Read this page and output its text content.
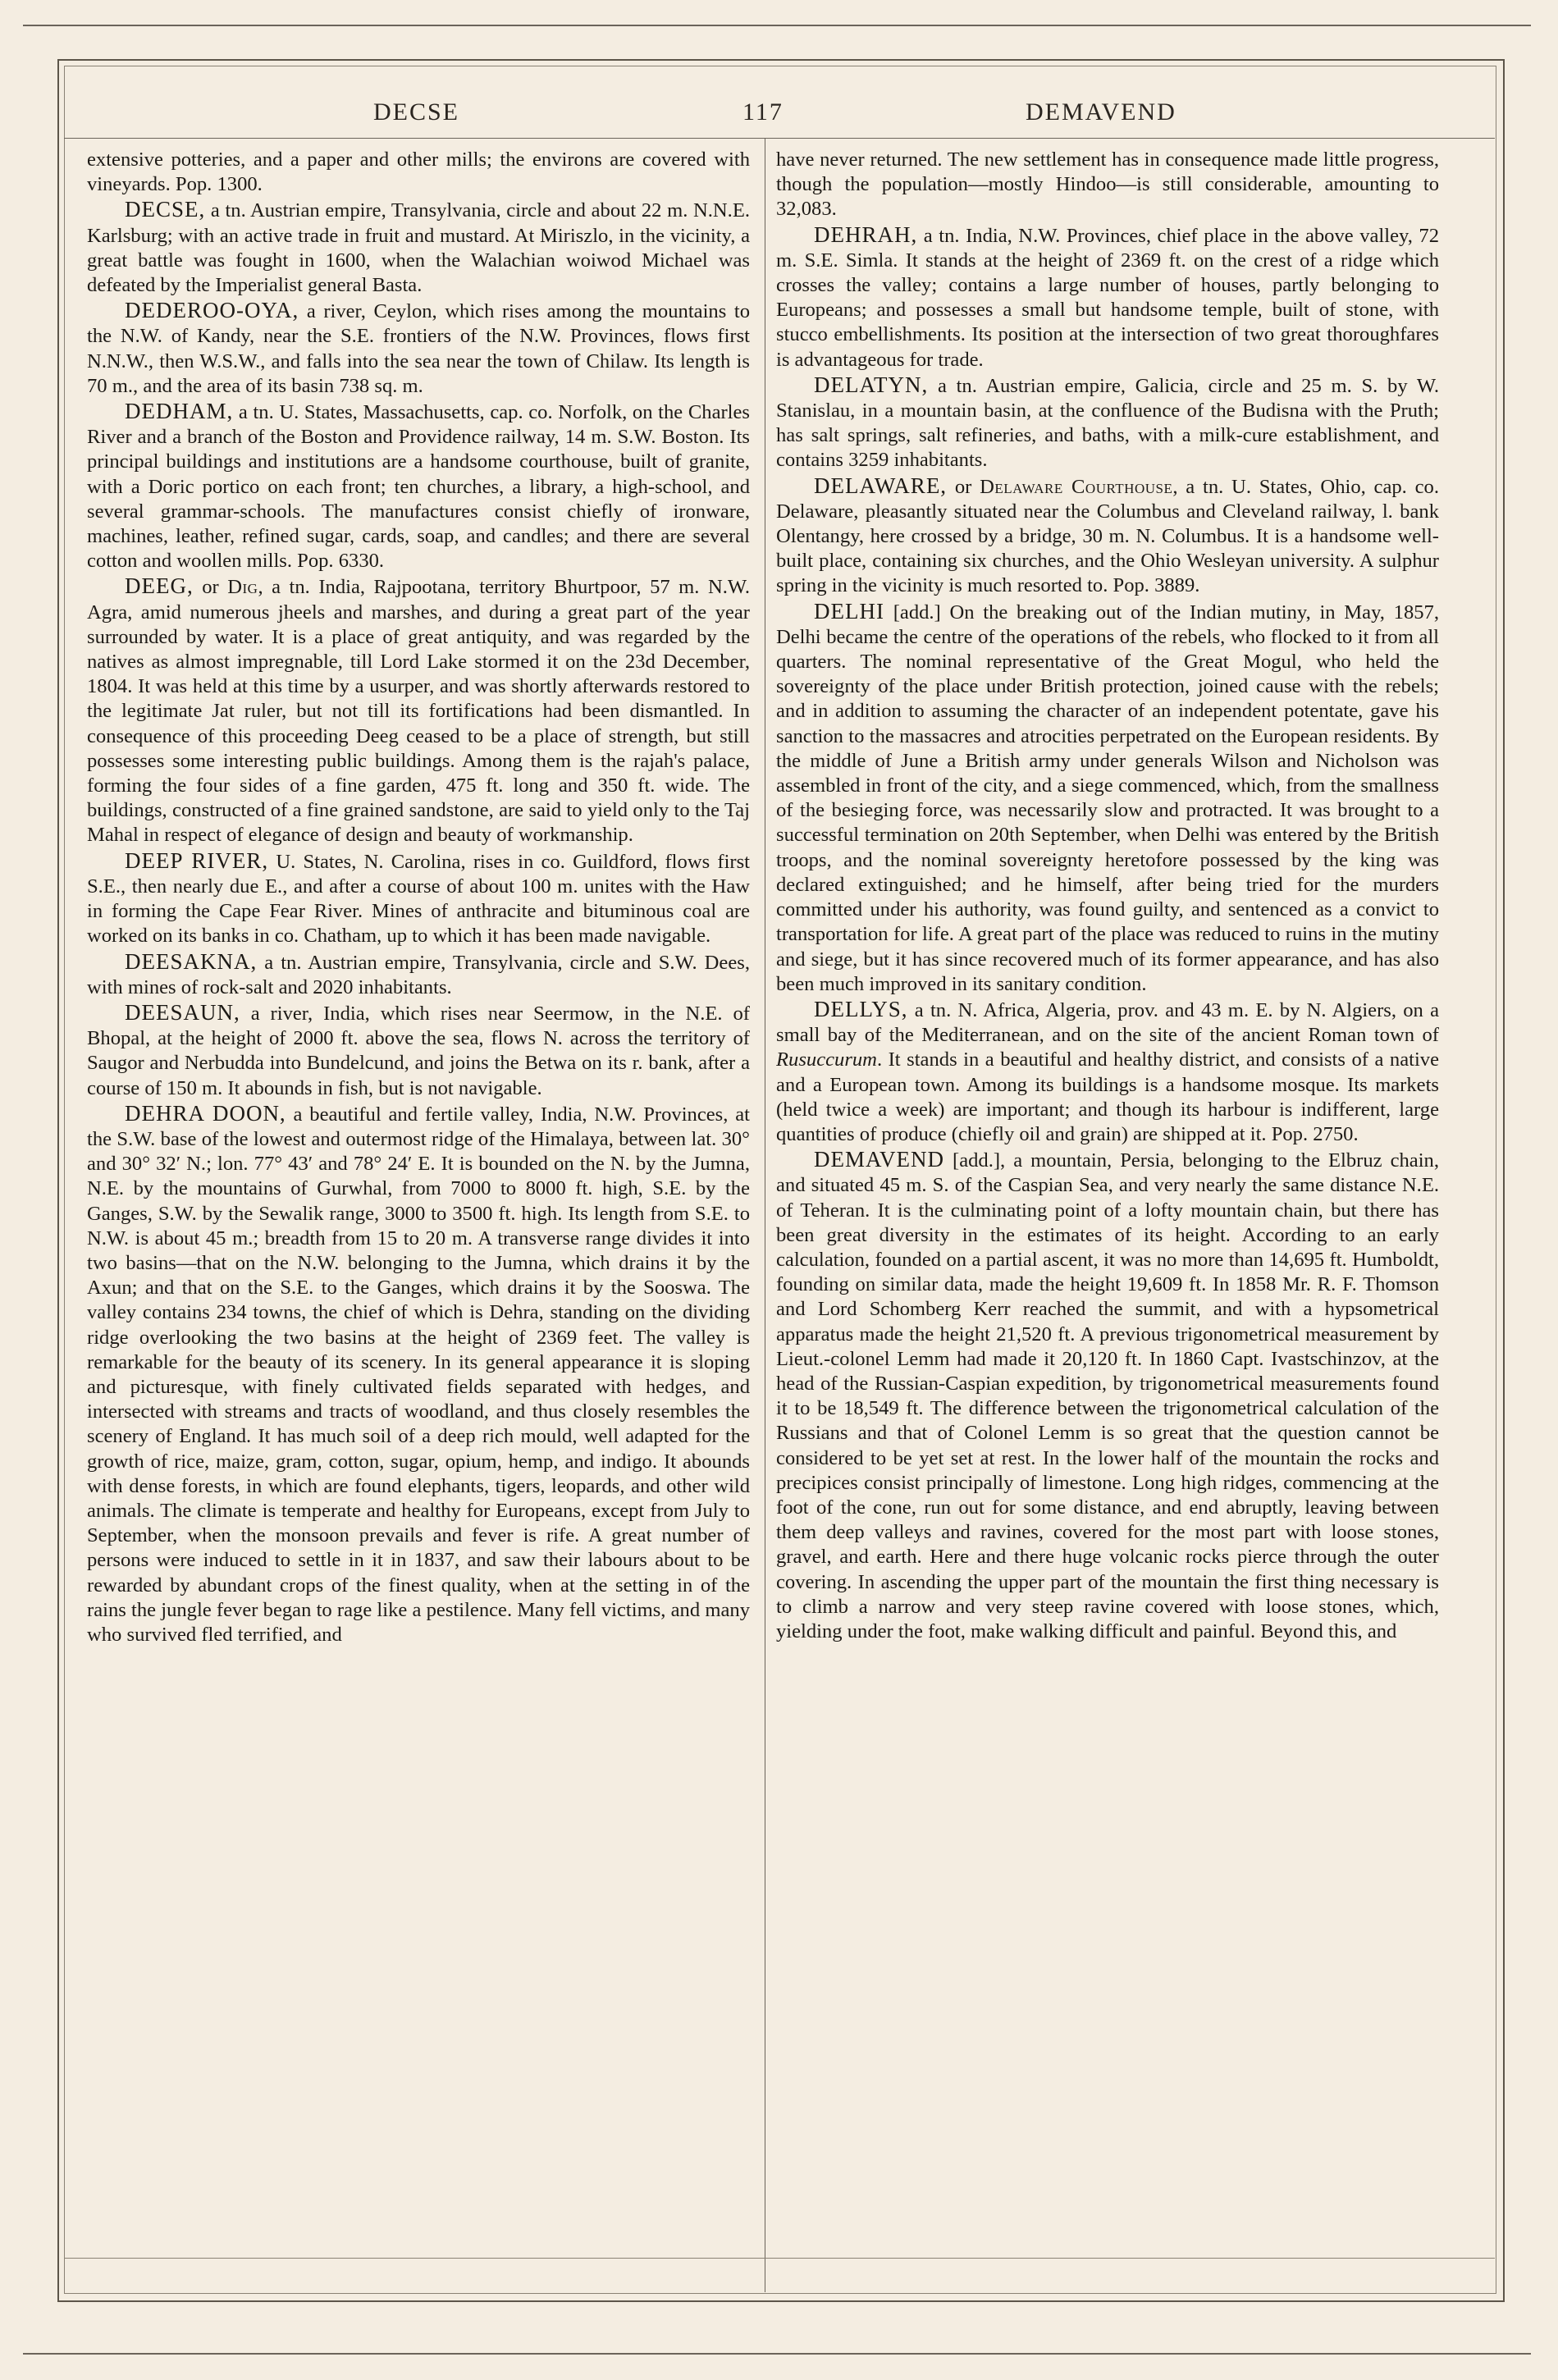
DECSE	117	DEMAVEND

extensive potteries, and a paper and other mills; the environs are covered with vineyards. Pop. 1300.

DECSE, a tn. Austrian empire, Transylvania, circle and about 22 m. N.N.E. Karlsburg; with an active trade in fruit and mustard. At Miriszlo, in the vicinity, a great battle was fought in 1600, when the Walachian woiwod Michael was defeated by the Imperialist general Basta.

DEDEROO-OYA, a river, Ceylon, which rises among the mountains to the N.W. of Kandy, near the S.E. frontiers of the N.W. Provinces, flows first N.N.W., then W.S.W., and falls into the sea near the town of Chilaw. Its length is 70 m., and the area of its basin 738 sq. m.

DEDHAM, a tn. U. States, Massachusetts, cap. co. Norfolk, on the Charles River and a branch of the Boston and Providence railway, 14 m. S.W. Boston. Its principal buildings and institutions are a handsome courthouse, built of granite, with a Doric portico on each front; ten churches, a library, a high-school, and several grammar-schools. The manufactures consist chiefly of ironware, machines, leather, refined sugar, cards, soap, and candles; and there are several cotton and woollen mills. Pop. 6330.

DEEG, or Dig, a tn. India, Rajpootana, territory Bhurtpoor, 57 m. N.W. Agra, amid numerous jheels and marshes, and during a great part of the year surrounded by water. It is a place of great antiquity, and was regarded by the natives as almost impregnable, till Lord Lake stormed it on the 23d December, 1804. It was held at this time by a usurper, and was shortly afterwards restored to the legitimate Jat ruler, but not till its fortifications had been dismantled. In consequence of this proceeding Deeg ceased to be a place of strength, but still possesses some interesting public buildings. Among them is the rajah's palace, forming the four sides of a fine garden, 475 ft. long and 350 ft. wide. The buildings, constructed of a fine grained sandstone, are said to yield only to the Taj Mahal in respect of elegance of design and beauty of workmanship.

DEEP RIVER, U. States, N. Carolina, rises in co. Guildford, flows first S.E., then nearly due E., and after a course of about 100 m. unites with the Haw in forming the Cape Fear River. Mines of anthracite and bituminous coal are worked on its banks in co. Chatham, up to which it has been made navigable.

DEESAKNA, a tn. Austrian empire, Transylvania, circle and S.W. Dees, with mines of rock-salt and 2020 inhabitants.

DEESAUN, a river, India, which rises near Seermow, in the N.E. of Bhopal, at the height of 2000 ft. above the sea, flows N. across the territory of Saugor and Nerbudda into Bundelcund, and joins the Betwa on its r. bank, after a course of 150 m. It abounds in fish, but is not navigable.

DEHRA DOON, a beautiful and fertile valley, India, N.W. Provinces, at the S.W. base of the lowest and outermost ridge of the Himalaya, between lat. 30° and 30° 32′ N.; lon. 77° 43′ and 78° 24′ E. It is bounded on the N. by the Jumna, N.E. by the mountains of Gurwhal, from 7000 to 8000 ft. high, S.E. by the Ganges, S.W. by the Sewalik range, 3000 to 3500 ft. high. Its length from S.E. to N.W. is about 45 m.; breadth from 15 to 20 m. A transverse range divides it into two basins—that on the N.W. belonging to the Jumna, which drains it by the Axun; and that on the S.E. to the Ganges, which drains it by the Sooswa. The valley contains 234 towns, the chief of which is Dehra, standing on the dividing ridge overlooking the two basins at the height of 2369 feet. The valley is remarkable for the beauty of its scenery. In its general appearance it is sloping and picturesque, with finely cultivated fields separated with hedges, and intersected with streams and tracts of woodland, and thus closely resembles the scenery of England. It has much soil of a deep rich mould, well adapted for the growth of rice, maize, gram, cotton, sugar, opium, hemp, and indigo. It abounds with dense forests, in which are found elephants, tigers, leopards, and other wild animals. The climate is temperate and healthy for Europeans, except from July to September, when the monsoon prevails and fever is rife. A great number of persons were induced to settle in it in 1837, and saw their labours about to be rewarded by abundant crops of the finest quality, when at the setting in of the rains the jungle fever began to rage like a pestilence. Many fell victims, and many who survived fled terrified, and

have never returned. The new settlement has in consequence made little progress, though the population—mostly Hindoo—is still considerable, amounting to 32,083.

DEHRAH, a tn. India, N.W. Provinces, chief place in the above valley, 72 m. S.E. Simla. It stands at the height of 2369 ft. on the crest of a ridge which crosses the valley; contains a large number of houses, partly belonging to Europeans; and possesses a small but handsome temple, built of stone, with stucco embellishments. Its position at the intersection of two great thoroughfares is advantageous for trade.

DELATYN, a tn. Austrian empire, Galicia, circle and 25 m. S. by W. Stanislau, in a mountain basin, at the confluence of the Budisna with the Pruth; has salt springs, salt refineries, and baths, with a milk-cure establishment, and contains 3259 inhabitants.

DELAWARE, or Delaware Courthouse, a tn. U. States, Ohio, cap. co. Delaware, pleasantly situated near the Columbus and Cleveland railway, l. bank Olentangy, here crossed by a bridge, 30 m. N. Columbus. It is a handsome well-built place, containing six churches, and the Ohio Wesleyan university. A sulphur spring in the vicinity is much resorted to. Pop. 3889.

DELHI [add.] On the breaking out of the Indian mutiny, in May, 1857, Delhi became the centre of the operations of the rebels, who flocked to it from all quarters. The nominal representative of the Great Mogul, who held the sovereignty of the place under British protection, joined cause with the rebels; and in addition to assuming the character of an independent potentate, gave his sanction to the massacres and atrocities perpetrated on the European residents. By the middle of June a British army under generals Wilson and Nicholson was assembled in front of the city, and a siege commenced, which, from the smallness of the besieging force, was necessarily slow and protracted. It was brought to a successful termination on 20th September, when Delhi was entered by the British troops, and the nominal sovereignty heretofore possessed by the king was declared extinguished; and he himself, after being tried for the murders committed under his authority, was found guilty, and sentenced as a convict to transportation for life. A great part of the place was reduced to ruins in the mutiny and siege, but it has since recovered much of its former appearance, and has also been much improved in its sanitary condition.

DELLYS, a tn. N. Africa, Algeria, prov. and 43 m. E. by N. Algiers, on a small bay of the Mediterranean, and on the site of the ancient Roman town of Rusuccurum. It stands in a beautiful and healthy district, and consists of a native and a European town. Among its buildings is a handsome mosque. Its markets (held twice a week) are important; and though its harbour is indifferent, large quantities of produce (chiefly oil and grain) are shipped at it. Pop. 2750.

DEMAVEND [add.], a mountain, Persia, belonging to the Elbruz chain, and situated 45 m. S. of the Caspian Sea, and very nearly the same distance N.E. of Teheran. It is the culminating point of a lofty mountain chain, but there has been great diversity in the estimates of its height. According to an early calculation, founded on a partial ascent, it was no more than 14,695 ft. Humboldt, founding on similar data, made the height 19,609 ft. In 1858 Mr. R. F. Thomson and Lord Schomberg Kerr reached the summit, and with a hypsometrical apparatus made the height 21,520 ft. A previous trigonometrical measurement by Lieut.-colonel Lemm had made it 20,120 ft. In 1860 Capt. Ivastschinzov, at the head of the Russian-Caspian expedition, by trigonometrical measurements found it to be 18,549 ft. The difference between the trigonometrical calculation of the Russians and that of Colonel Lemm is so great that the question cannot be considered to be yet set at rest. In the lower half of the mountain the rocks and precipices consist principally of limestone. Long high ridges, commencing at the foot of the cone, run out for some distance, and end abruptly, leaving between them deep valleys and ravines, covered for the most part with loose stones, gravel, and earth. Here and there huge volcanic rocks pierce through the outer covering. In ascending the upper part of the mountain the first thing necessary is to climb a narrow and very steep ravine covered with loose stones, which, yielding under the foot, make walking difficult and painful. Beyond this, and
